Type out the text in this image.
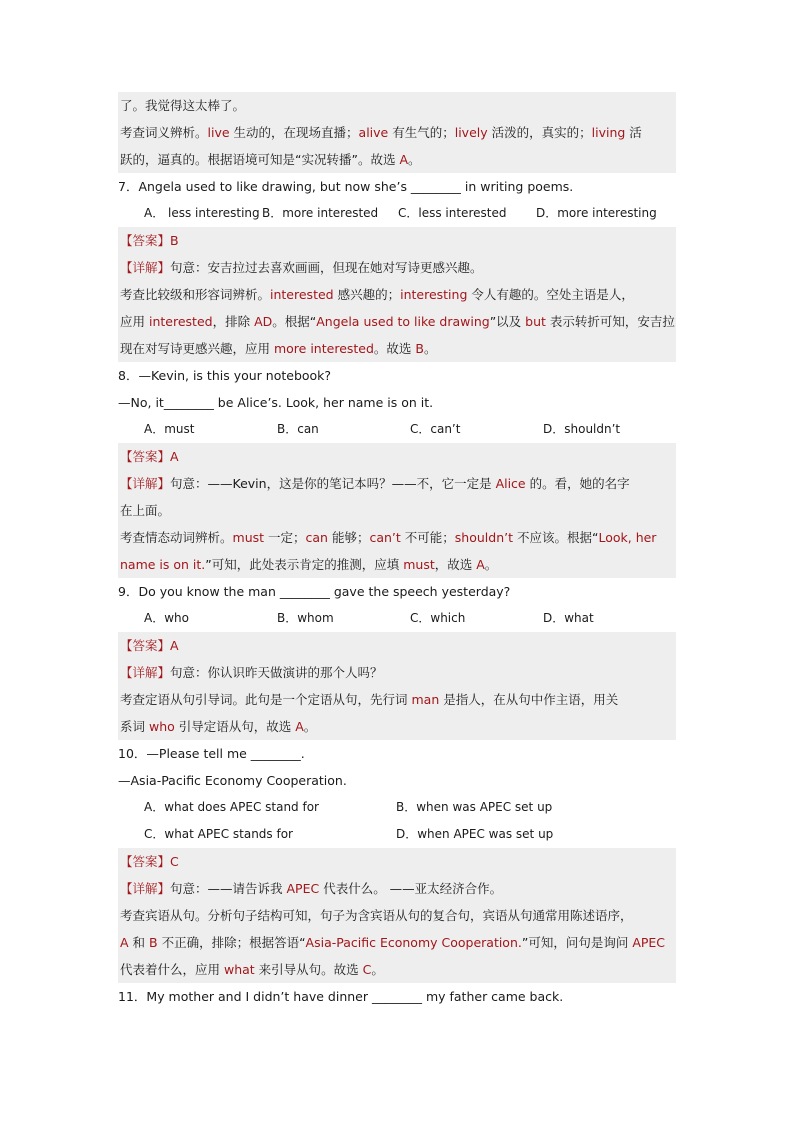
了。我觉得这太棒了。
考查词义辨析。live 生动的，在现场直播；alive 有生气的；lively 活泼的，真实的；living 活
跃的，逼真的。根据语境可知是“实况转播”。故选 A。
7．Angela used to like drawing, but now she’s ________ in writing poems.
A． less interesting B．more interested	C．less interested	D．more interesting
【答案】B
【详解】句意：安吉拉过去喜欢画画，但现在她对写诗更感兴趣。
考查比较级和形容词辨析。interested 感兴趣的；interesting 令人有趣的。空处主语是人，
应用 interested，排除 AD。根据“Angela used to like drawing”以及 but 表示转折可知，安吉拉
现在对写诗更感兴趣，应用 more interested。故选 B。
8．—Kevin, is this your notebook?
—No, it________ be Alice’s. Look, her name is on it.
A．must	B．can	C．can’t	D．shouldn’t
【答案】A
【详解】句意：——Kevin，这是你的笔记本吗？——不，它一定是 Alice 的。看，她的名字
在上面。
考查情态动词辨析。must 一定；can 能够；can’t 不可能；shouldn’t 不应该。根据“Look, her
name is on it.”可知，此处表示肯定的推测，应填 must，故选 A。
9．Do you know the man ________ gave the speech yesterday?
A．who	B．whom	C．which	D．what
【答案】A
【详解】句意：你认识昨天做演讲的那个人吗？
考查定语从句引导词。此句是一个定语从句，先行词 man 是指人，在从句中作主语，用关
系词 who 引导定语从句，故选 A。
10．—Please tell me ________.
—Asia-Pacific Economy Cooperation.
A．what does APEC stand for	B．when was APEC set up
C．what APEC stands for	D．when APEC was set up
【答案】C
【详解】句意：——请告诉我 APEC 代表什么。 ——亚太经济合作。
考查宾语从句。分析句子结构可知，句子为含宾语从句的复合句，宾语从句通常用陈述语序，
A 和 B 不正确，排除；根据答语“Asia-Pacific Economy Cooperation.”可知，问句是询问 APEC
代表着什么，应用 what 来引导从句。故选 C。
11．My mother and I didn’t have dinner ________ my father came back.
